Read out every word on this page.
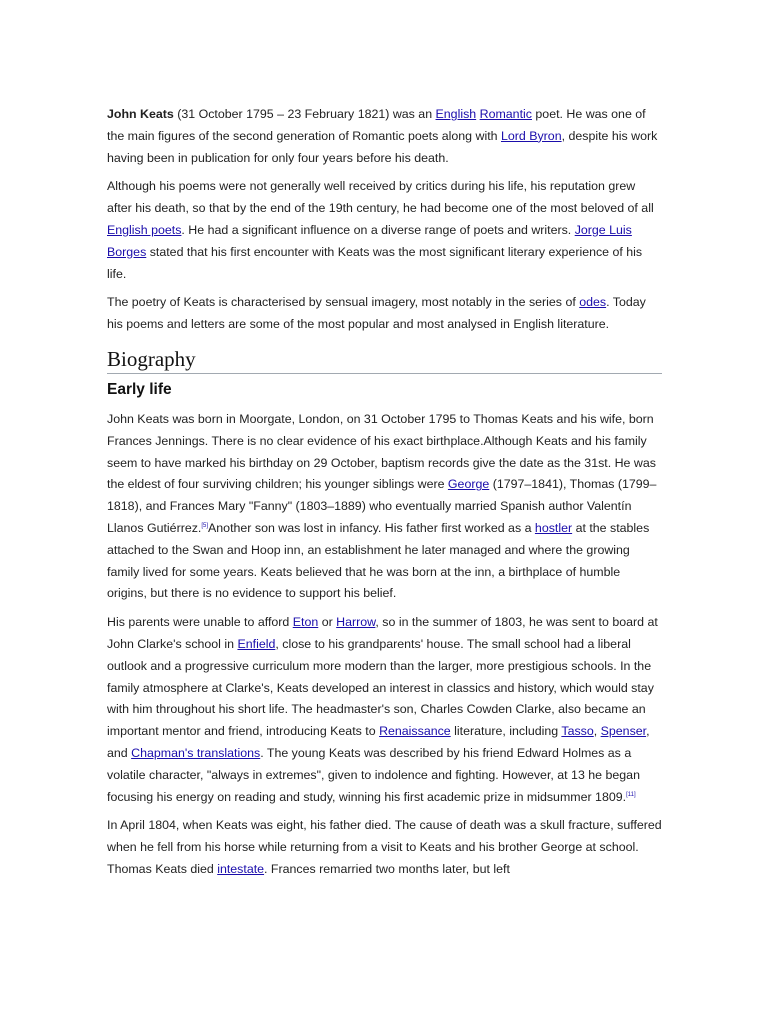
John Keats (31 October 1795 – 23 February 1821) was an English Romantic poet. He was one of the main figures of the second generation of Romantic poets along with Lord Byron, despite his work having been in publication for only four years before his death.

Although his poems were not generally well received by critics during his life, his reputation grew after his death, so that by the end of the 19th century, he had become one of the most beloved of all English poets. He had a significant influence on a diverse range of poets and writers. Jorge Luis Borges stated that his first encounter with Keats was the most significant literary experience of his life.

The poetry of Keats is characterised by sensual imagery, most notably in the series of odes. Today his poems and letters are some of the most popular and most analysed in English literature.

Biography
Early life

John Keats was born in Moorgate, London, on 31 October 1795 to Thomas Keats and his wife, born Frances Jennings. There is no clear evidence of his exact birthplace.Although Keats and his family seem to have marked his birthday on 29 October, baptism records give the date as the 31st. He was the eldest of four surviving children; his younger siblings were George (1797–1841), Thomas (1799–1818), and Frances Mary "Fanny" (1803–1889) who eventually married Spanish author Valentín Llanos Gutiérrez.[5]Another son was lost in infancy. His father first worked as a hostler at the stables attached to the Swan and Hoop inn, an establishment he later managed and where the growing family lived for some years. Keats believed that he was born at the inn, a birthplace of humble origins, but there is no evidence to support his belief.

His parents were unable to afford Eton or Harrow, so in the summer of 1803, he was sent to board at John Clarke's school in Enfield, close to his grandparents' house. The small school had a liberal outlook and a progressive curriculum more modern than the larger, more prestigious schools. In the family atmosphere at Clarke's, Keats developed an interest in classics and history, which would stay with him throughout his short life. The headmaster's son, Charles Cowden Clarke, also became an important mentor and friend, introducing Keats to Renaissance literature, including Tasso, Spenser, and Chapman's translations. The young Keats was described by his friend Edward Holmes as a volatile character, "always in extremes", given to indolence and fighting. However, at 13 he began focusing his energy on reading and study, winning his first academic prize in midsummer 1809.[11]

In April 1804, when Keats was eight, his father died. The cause of death was a skull fracture, suffered when he fell from his horse while returning from a visit to Keats and his brother George at school. Thomas Keats died intestate. Frances remarried two months later, but left
